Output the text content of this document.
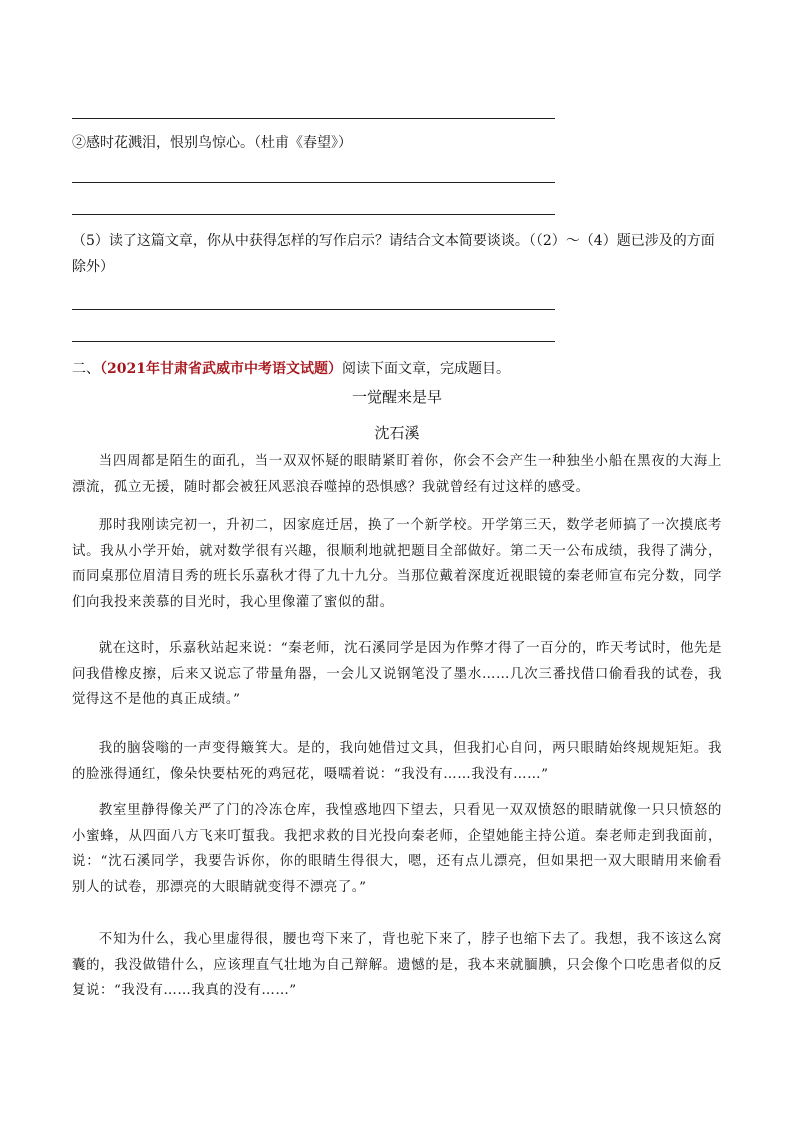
②感时花溅泪，恨别鸟惊心。（杜甫《春望》）
（5）读了这篇文章，你从中获得怎样的写作启示？请结合文本简要谈谈。（（2）～（4）题已涉及的方面除外）
二、（2021年甘肃省武威市中考语文试题）阅读下面文章，完成题目。
一觉醒来是早
沈石溪
当四周都是陌生的面孔，当一双双怀疑的眼睛紧盯着你，你会不会产生一种独坐小船在黑夜的大海上漂流，孤立无援，随时都会被狂风恶浪吞噬掉的恐惧感？我就曾经有过这样的感受。
那时我刚读完初一，升初二，因家庭迁居，换了一个新学校。开学第三天，数学老师搞了一次摸底考试。我从小学开始，就对数学很有兴趣，很顺利地就把题目全部做好。第二天一公布成绩，我得了满分，而同桌那位眉清目秀的班长乐嘉秋才得了九十九分。当那位戴着深度近视眼镜的秦老师宣布完分数，同学们向我投来羡慕的目光时，我心里像灌了蜜似的甜。
就在这时，乐嘉秋站起来说：“秦老师，沈石溪同学是因为作弊才得了一百分的，昨天考试时，他先是问我借橡皮擦，后来又说忘了带量角器，一会儿又说钢笔没了墨水……几次三番找借口偷看我的试卷，我觉得这不是他的真正成绩。”
我的脑袋嗡的一声变得簸箕大。是的，我向她借过文具，但我扪心自问，两只眼睛始终规规矩矩。我的脸涨得通红，像朵快要枯死的鸡冠花，嗫嚅着说：“我没有……我没有……”
教室里静得像关严了门的冷冻仓库，我惶惑地四下望去，只看见一双双愤怒的眼睛就像一只只愤怒的小蜜蜂，从四面八方飞来叮蜇我。我把求救的目光投向秦老师，企望她能主持公道。秦老师走到我面前，说：“沈石溪同学，我要告诉你，你的眼睛生得很大，嗯，还有点儿漂亮，但如果把一双大眼睛用来偷看别人的试卷，那漂亮的大眼睛就变得不漂亮了。”
不知为什么，我心里虚得很，腰也弯下来了，背也驼下来了，脖子也缩下去了。我想，我不该这么窝囊的，我没做错什么，应该理直气壮地为自己辩解。遗憾的是，我本来就腼腆，只会像个口吃患者似的反复说：“我没有……我真的没有……”
